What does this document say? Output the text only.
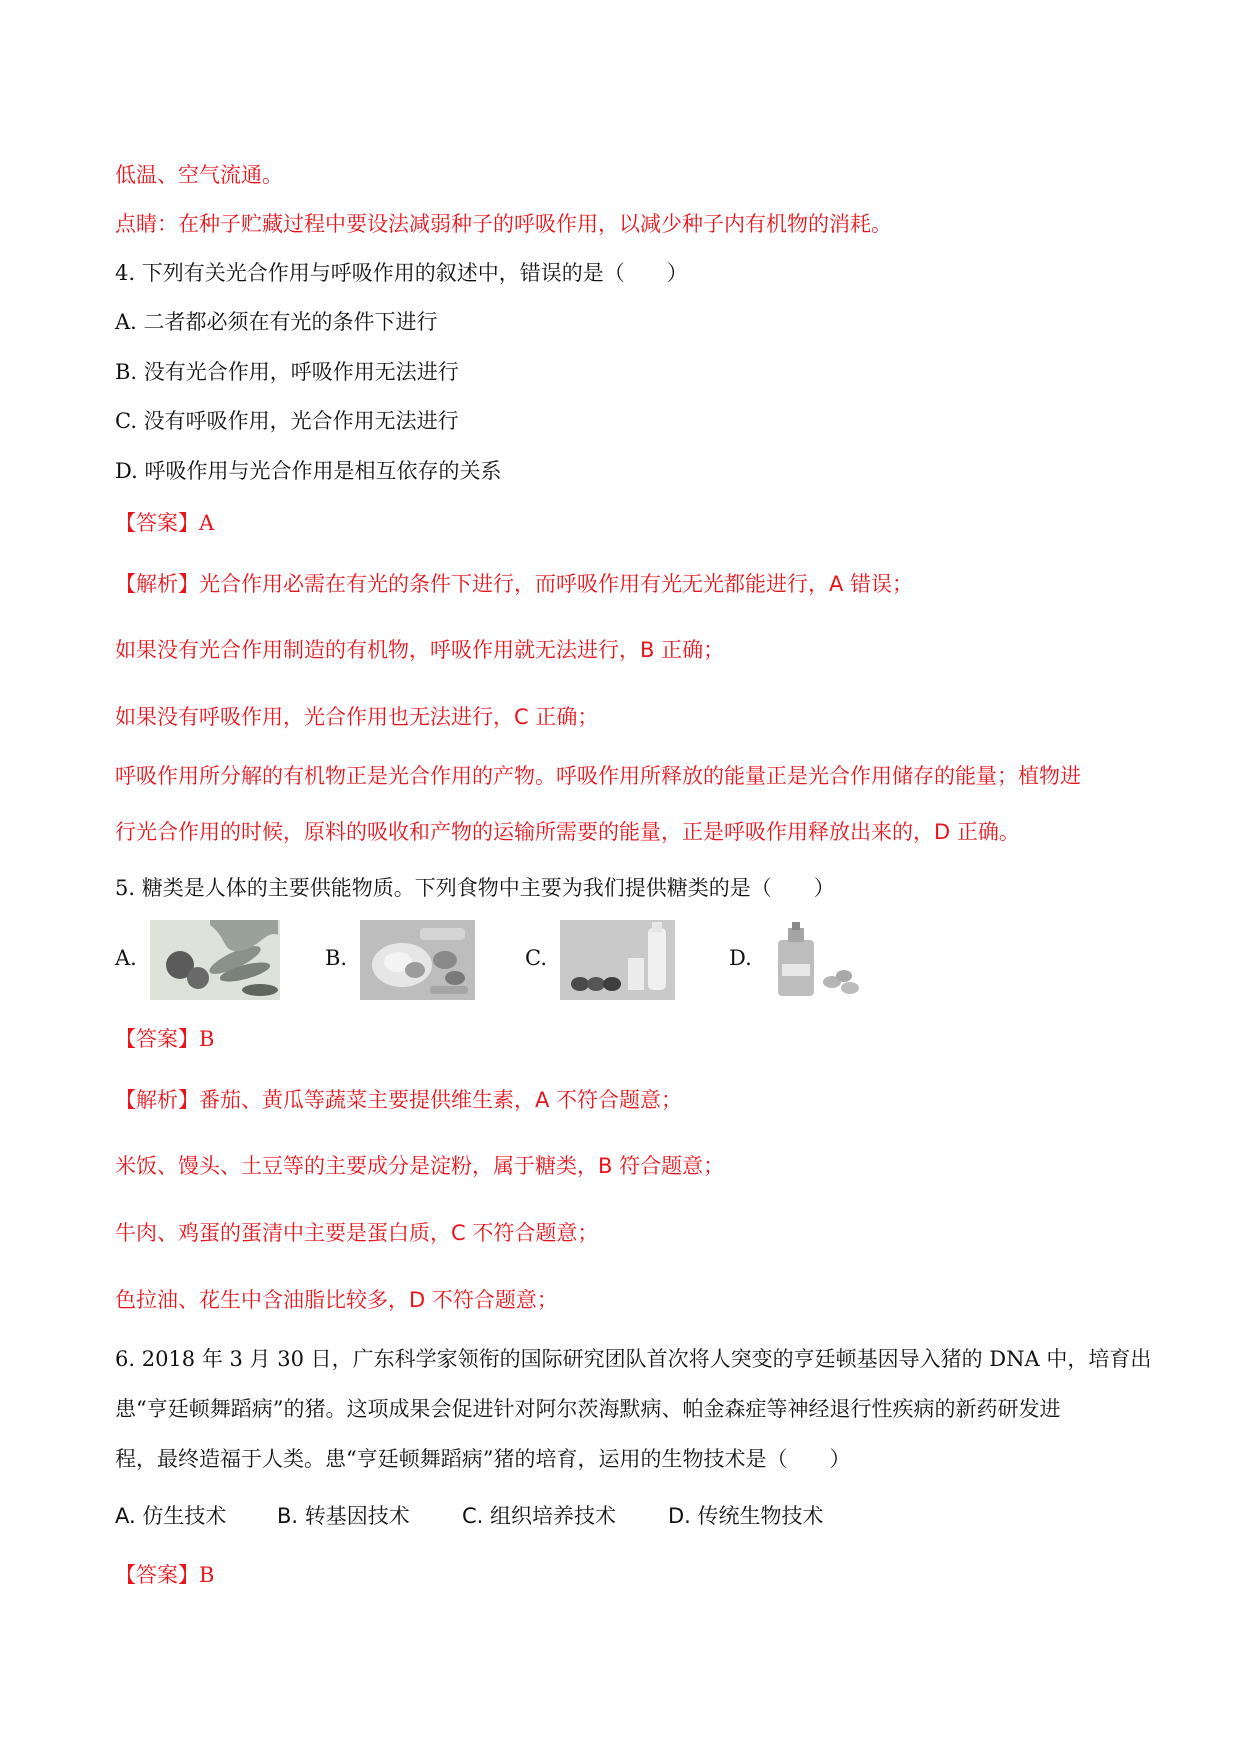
低温、空气流通。
点睛：在种子贮藏过程中要设法减弱种子的呼吸作用，以减少种子内有机物的消耗。
4. 下列有关光合作用与呼吸作用的叙述中，错误的是（　　）
A. 二者都必须在有光的条件下进行
B. 没有光合作用，呼吸作用无法进行
C. 没有呼吸作用，光合作用无法进行
D. 呼吸作用与光合作用是相互依存的关系
【答案】A
【解析】光合作用必需在有光的条件下进行，而呼吸作用有光无光都能进行，A 错误；
如果没有光合作用制造的有机物，呼吸作用就无法进行，B 正确；
如果没有呼吸作用，光合作用也无法进行，C 正确；
呼吸作用所分解的有机物正是光合作用的产物。呼吸作用所释放的能量正是光合作用储存的能量；植物进
行光合作用的时候，原料的吸收和产物的运输所需要的能量，正是呼吸作用释放出来的，D 正确。
5. 糖类是人体的主要供能物质。下列食物中主要为我们提供糖类的是（　　）
A.	B.	C.	D.
【答案】B
【解析】番茄、黄瓜等蔬菜主要提供维生素，A 不符合题意；
米饭、馒头、土豆等的主要成分是淀粉，属于糖类，B 符合题意；
牛肉、鸡蛋的蛋清中主要是蛋白质，C 不符合题意；
色拉油、花生中含油脂比较多，D 不符合题意；
6. 2018 年 3 月 30 日，广东科学家领衔的国际研究团队首次将人突变的亨廷顿基因导入猪的 DNA 中，培育出
患“亨廷顿舞蹈病”的猪。这项成果会促进针对阿尔茨海默病、帕金森症等神经退行性疾病的新药研发进
程，最终造福于人类。患“亨廷顿舞蹈病”猪的培育，运用的生物技术是（　　）
A. 仿生技术 B. 转基因技术 C. 组织培养技术 D. 传统生物技术
【答案】B
